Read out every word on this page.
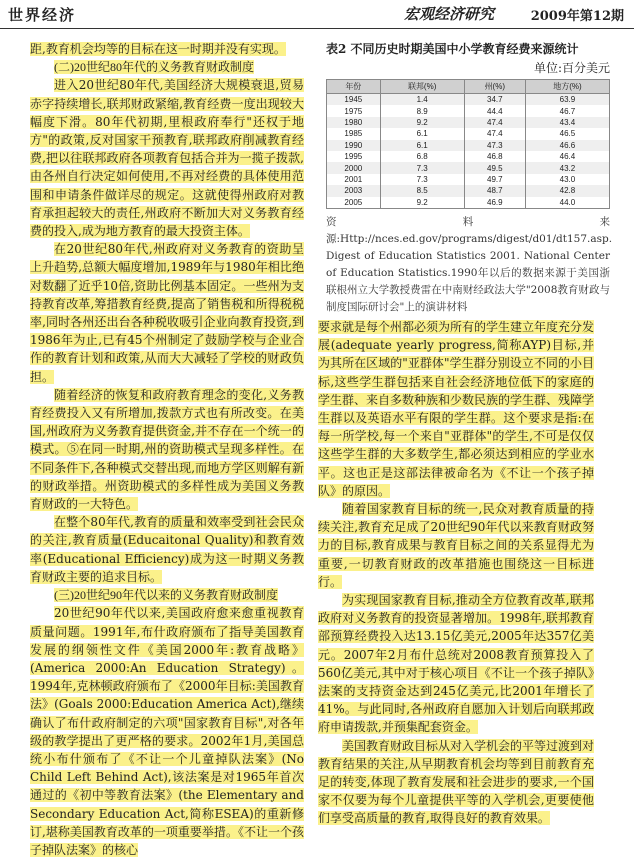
世界经济	宏观经济研究	2009年第12期

距,教育机会均等的目标在这一时期并没有实现。

(二)20世纪80年代的义务教育财政制度

进入20世纪80年代,美国经济大规模衰退,贸易赤字持续增长,联邦财政紧缩,教育经费一度出现较大幅度下滑。80年代初期,里根政府奉行"还权于地方"的政策,反对国家干预教育,联邦政府削减教育经费,把以往联邦政府各项教育包括合并为一揽子拨款,由各州自行决定如何使用,不再对经费的具体使用范围和申请条件做详尽的规定。这就使得州政府对教育承担起较大的责任,州政府不断加大对义务教育经费的投入,成为地方教育的最大投资主体。

在20世纪80年代,州政府对义务教育的资助呈上升趋势,总额大幅度增加,1989年与1980年相比绝对数翻了近乎10倍,资助比例基本固定。一些州为支持教育改革,筹措教育经费,提高了销售税和所得税税率,同时各州还出台各种税收吸引企业向教育投资,到1986年为止,已有45个州制定了鼓励学校与企业合作的教育计划和政策,从而大大减轻了学校的财政负担。

随着经济的恢复和政府教育理念的变化,义务教育经费投入又有所增加,拨款方式也有所改变。在美国,州政府为义务教育提供资金,并不存在一个统一的模式。⑤在同一时期,州的资助模式呈现多样性。在不同条件下,各种模式交替出现,而地方学区则解有新的财政举措。州资助模式的多样性成为美国义务教育财政的一大特色。

在整个80年代,教育的质量和效率受到社会民众的关注,教育质量(Educaitonal Quality)和教育效率(Educational Efficiency)成为这一时期义务教育财政主要的追求目标。

(三)20世纪90年代以来的义务教育财政制度

20世纪90年代以来,美国政府愈来愈重视教育质量问题。1991年,布什政府颁布了指导美国教育发展的纲领性文件《美国2000年:教育战略》(America 2000:An Education Strategy)。1994年,克林顿政府颁布了《2000年目标:美国教育法》(Goals 2000:Education America Act),继续确认了布什政府制定的六项"国家教育目标",对各年级的教学提出了更严格的要求。2002年1月,美国总统小布什颁布了《不让一个儿童掉队法案》(No Child Left Behind Act),该法案是对1965年首次通过的《初中等教育法案》(the Elementary and Secondary Education Act,简称ESEA)的重新修订,堪称美国教育改革的一项重要举措。《不让一个孩子掉队法案》的核心

表2 不同历史时期美国中小学教育经费来源统计
单位:百分美元
年份	联邦(%)	州(%)	地方(%)
1945	1.4	34.7	63.9
1975	8.9	44.4	46.7
1980	9.2	47.4	43.4
1985	6.1	47.4	46.5
1990	6.1	47.3	46.6
1995	6.8	46.8	46.4
2000	7.3	49.5	43.2
2001	7.3	49.7	43.0
2003	8.5	48.7	42.8
2005	9.2	46.9	44.0
资料来源:Http://nces.ed.gov/programs/digest/d01/dt157.asp. Digest of Education Statistics 2001. National Center of Education Statistics.1990年以后的数据来源于美国浙联根州立大学教授费雷在中南财经政法大学"2008教育财政与制度国际研讨会"上的演讲材料

要求就是每个州都必须为所有的学生建立年度充分发展(adequate yearly progress,简称AYP)目标,并为其所在区域的"亚群体"学生群分别设立不同的小目标,这些学生群包括来自社会经济地位低下的家庭的学生群、来自多数种族和少数民族的学生群、残障学生群以及英语水平有限的学生群。这个要求是指:在每一所学校,每一个来自"亚群体"的学生,不可是仅仅这些学生群的大多数学生,都必须达到相应的学业水平。这也正是这部法律被命名为《不让一个孩子掉队》的原因。

随着国家教育目标的统一,民众对教育质量的持续关注,教育充足成了20世纪90年代以来教育财政努力的目标,教育成果与教育目标之间的关系显得尤为重要,一切教育财政的改革措施也围绕这一目标进行。

为实现国家教育目标,推动全方位教育改革,联邦政府对义务教育的投资显著增加。1998年,联邦教育部预算经费投入达13.15亿美元,2005年达357亿美元。2007年2月布什总统对2008教育预算投入了560亿美元,其中对于核心项目《不让一个孩子掉队》法案的支持资金达到245亿美元,比2001年增长了41%。与此同时,各州政府自愿加入计划后向联邦政府申请拨款,并预集配套资金。

美国教育财政目标从对入学机会的平等过渡到对教育结果的关注,从早期教育机会均等到目前教育充足的转变,体现了教育发展和社会进步的要求,一个国家不仅要为每个儿童提供平等的入学机会,更要使他们享受高质量的教育,取得良好的教育效果。
